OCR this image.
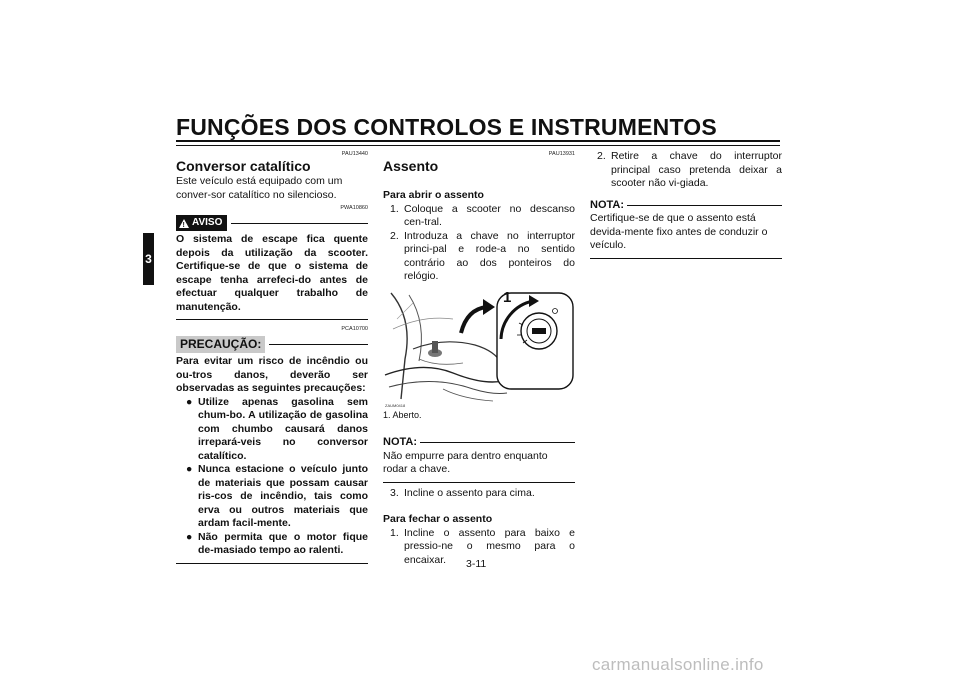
FUNÇÕES DOS CONTROLOS E INSTRUMENTOS
3
PAU13440
Conversor catalítico

Este veículo está equipado com um conver-sor catalítico no silencioso.

PWA10860
!
AVISO

O sistema de escape fica quente depois da utilização da scooter. Certifique-se de que o sistema de escape tenha arrefeci-do antes de efectuar qualquer trabalho de manutenção.

PCA10700
PRECAUÇÃO:

Para evitar um risco de incêndio ou ou-tros danos, deverão ser observadas as seguintes precauções:

● Utilize apenas gasolina sem chum-bo. A utilização de gasolina com chumbo causará danos irrepará-veis no conversor catalítico.
● Nunca estacione o veículo junto de materiais que possam causar ris-cos de incêndio, tais como erva ou outros materiais que ardam facil-mente.
● Não permita que o motor fique de-masiado tempo ao ralenti.
PAU13931
Assento

Para abrir o assento

1. Coloque a scooter no descanso cen-tral.
2. Introduza a chave no interruptor princi-pal e rode-a no sentido contrário ao dos ponteiros do relógio.
1
ZAUM0418

1. Aberto.

NOTA:

Não empurre para dentro enquanto rodar a chave.

3. Incline o assento para cima.

Para fechar o assento

1. Incline o assento para baixo e pressio-ne o mesmo para o encaixar.
2. Retire a chave do interruptor principal caso pretenda deixar a scooter não vi-giada.
NOTA:

Certifique-se de que o assento está devida-mente fixo antes de conduzir o veículo.

3-11
carmanualsonline.info
